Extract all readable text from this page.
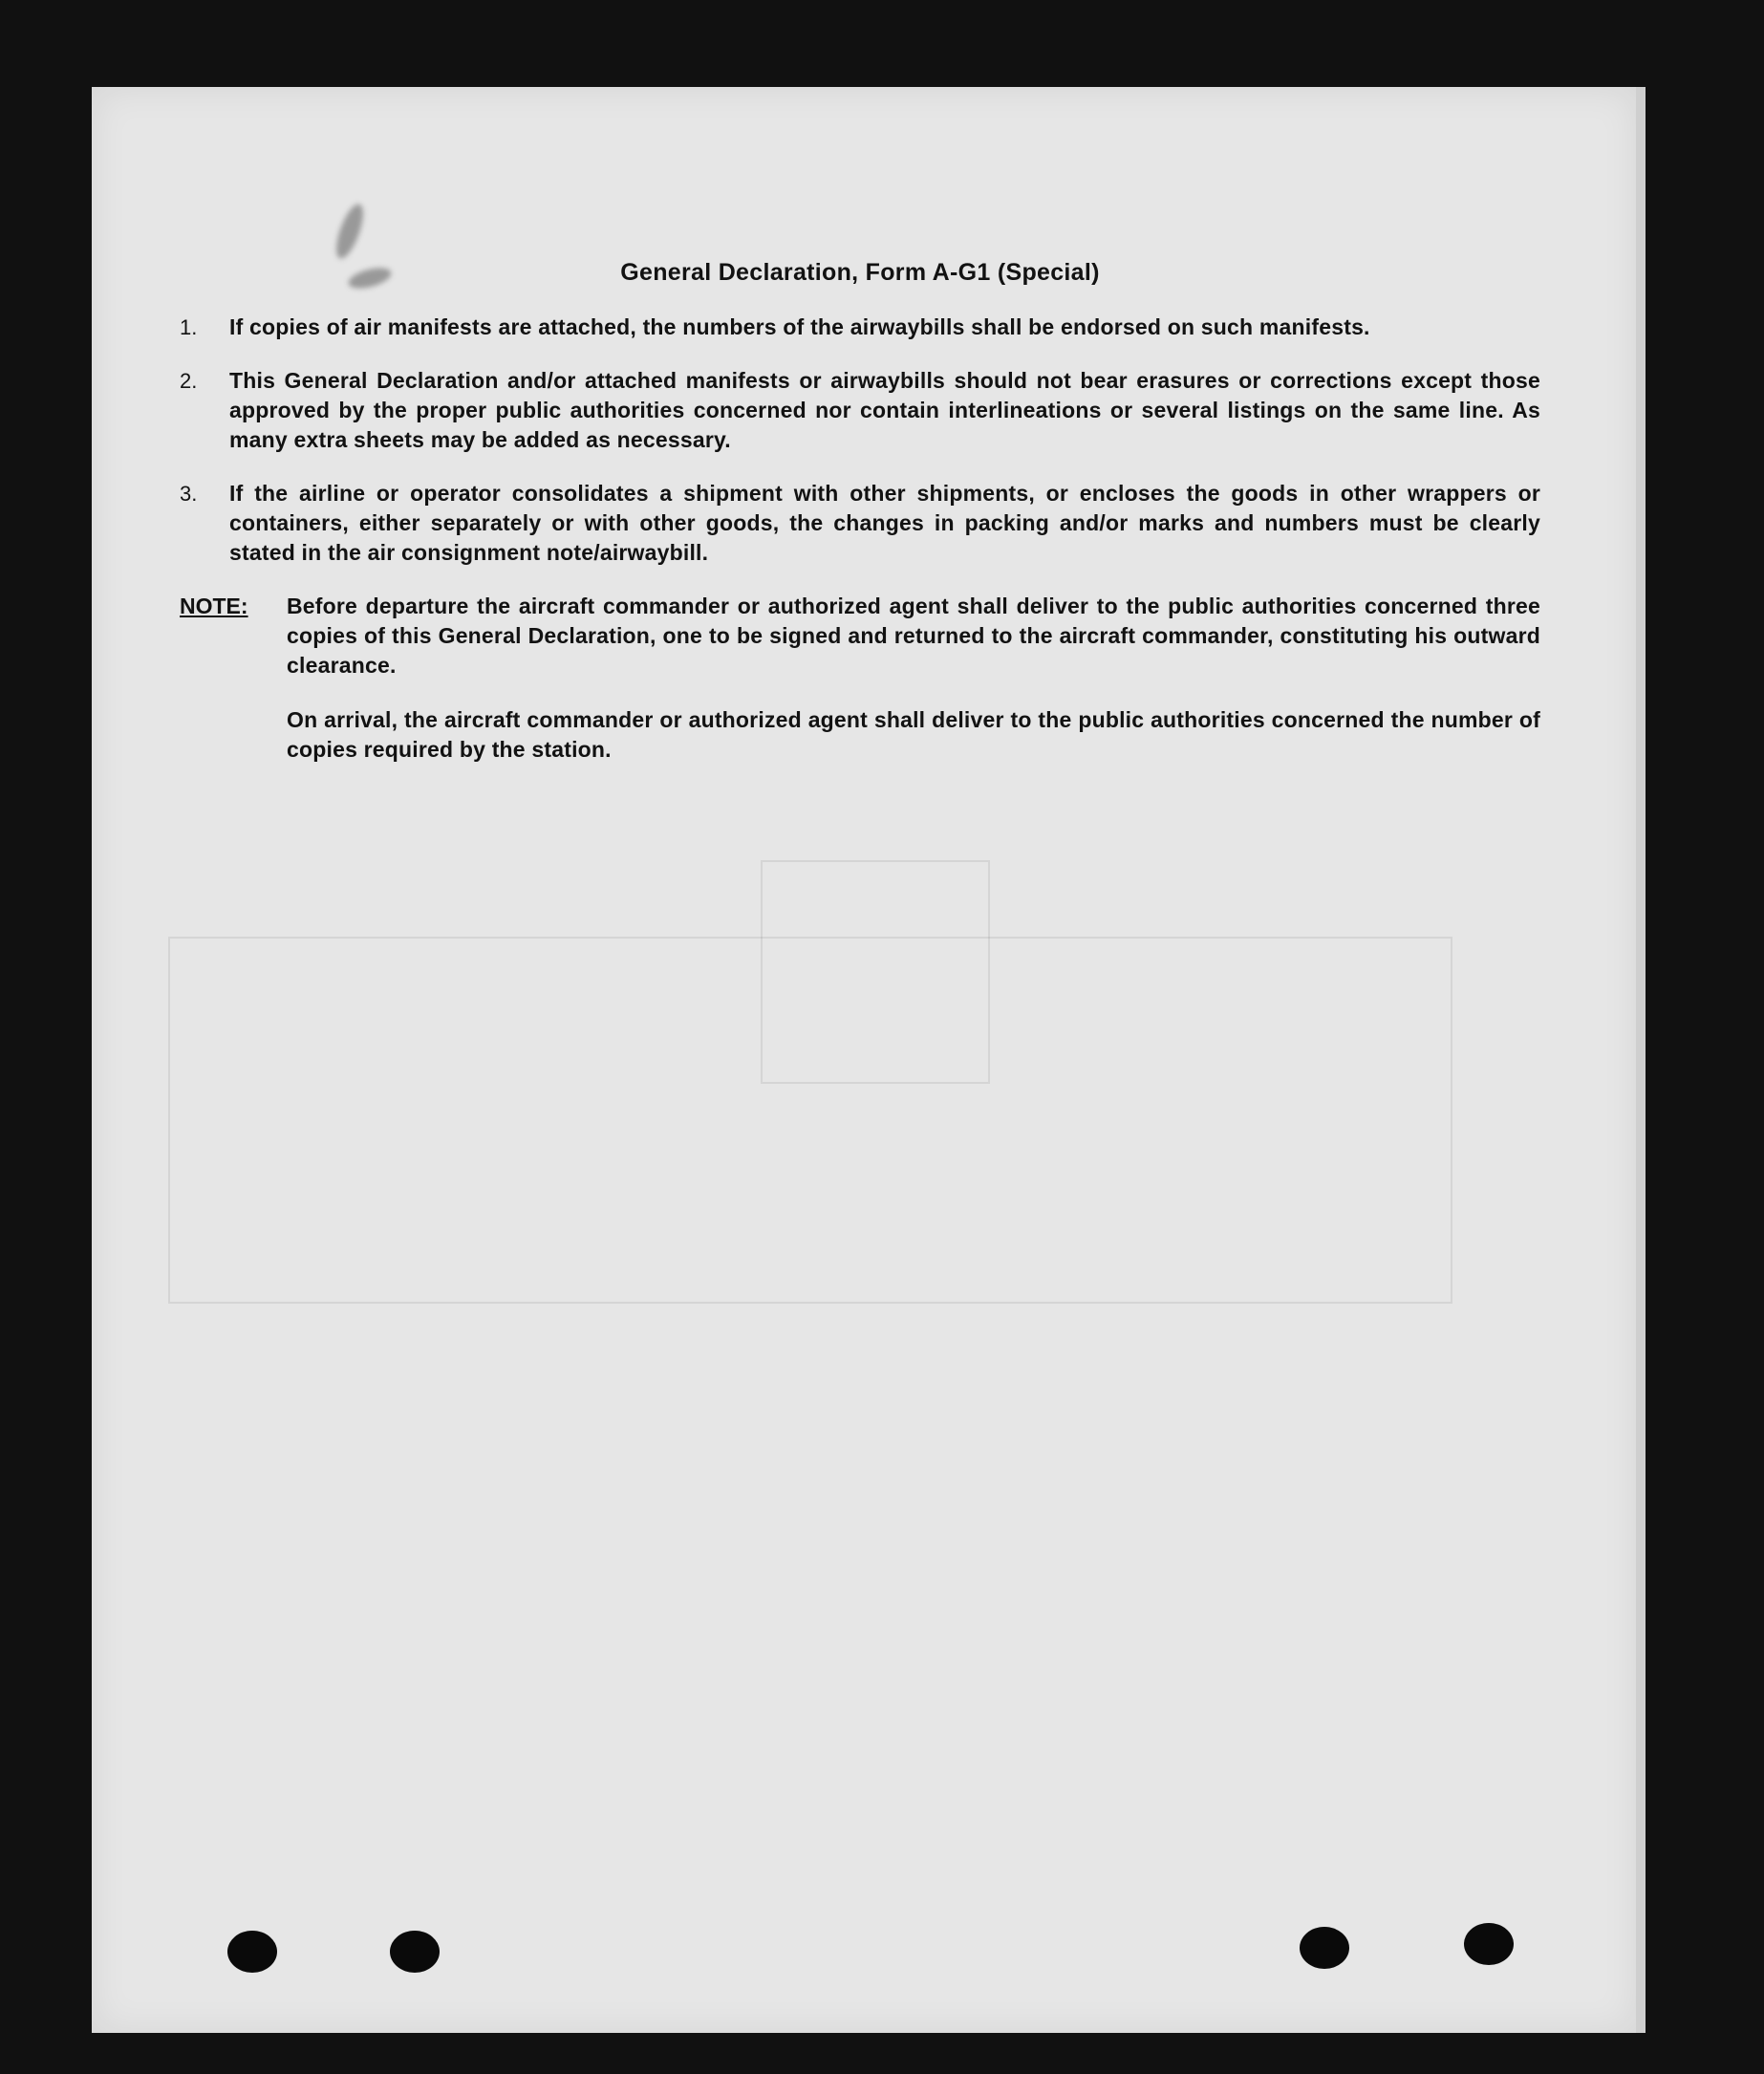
General Declaration, Form A-G1 (Special)
1.	If copies of air manifests are attached, the numbers of the airwaybills shall be endorsed on such manifests.
2.	This General Declaration and/or attached manifests or airwaybills should not bear erasures or corrections except those approved by the proper public authorities concerned nor contain interlineations or several listings on the same line. As many extra sheets may be added as necessary.
3.	If the airline or operator consolidates a shipment with other shipments, or encloses the goods in other wrappers or containers, either separately or with other goods, the changes in packing and/or marks and numbers must be clearly stated in the air consignment note/airwaybill.
NOTE:	Before departure the aircraft commander or authorized agent shall deliver to the public authorities concerned three copies of this General Declaration, one to be signed and returned to the aircraft commander, constituting his outward clearance.

On arrival, the aircraft commander or authorized agent shall deliver to the public authorities concerned the number of copies required by the station.
